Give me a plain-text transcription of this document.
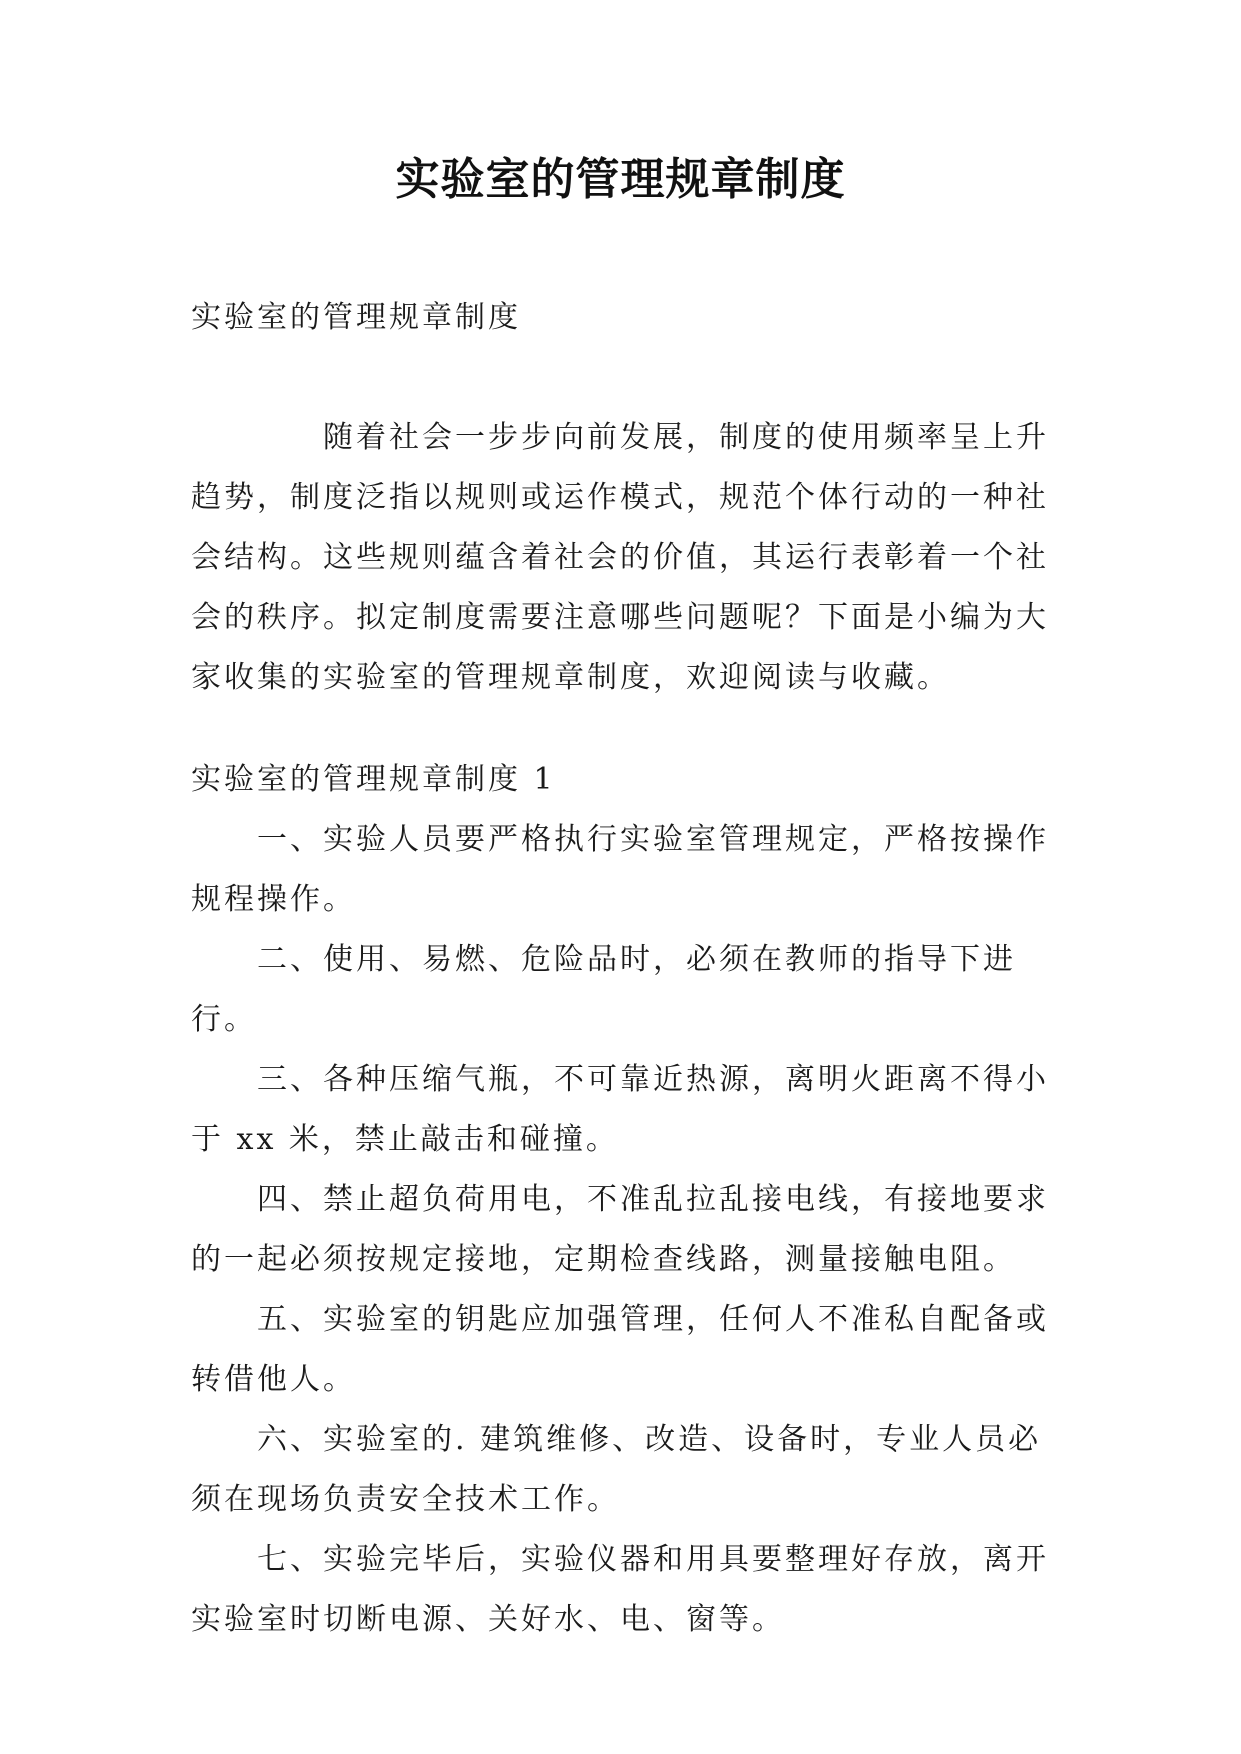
实验室的管理规章制度
实验室的管理规章制度
随着社会一步步向前发展，制度的使用频率呈上升趋势，制度泛指以规则或运作模式，规范个体行动的一种社会结构。这些规则蕴含着社会的价值，其运行表彰着一个社会的秩序。拟定制度需要注意哪些问题呢？下面是小编为大家收集的实验室的管理规章制度，欢迎阅读与收藏。
实验室的管理规章制度 1

一、实验人员要严格执行实验室管理规定，严格按操作规程操作。

二、使用、易燃、危险品时，必须在教师的指导下进行。

三、各种压缩气瓶，不可靠近热源，离明火距离不得小于 xx 米，禁止敲击和碰撞。

四、禁止超负荷用电，不准乱拉乱接电线，有接地要求的一起必须按规定接地，定期检查线路，测量接触电阻。

五、实验室的钥匙应加强管理，任何人不准私自配备或转借他人。

六、实验室的. 建筑维修、改造、设备时，专业人员必须在现场负责安全技术工作。

七、实验完毕后，实验仪器和用具要整理好存放，离开实验室时切断电源、关好水、电、窗等。
